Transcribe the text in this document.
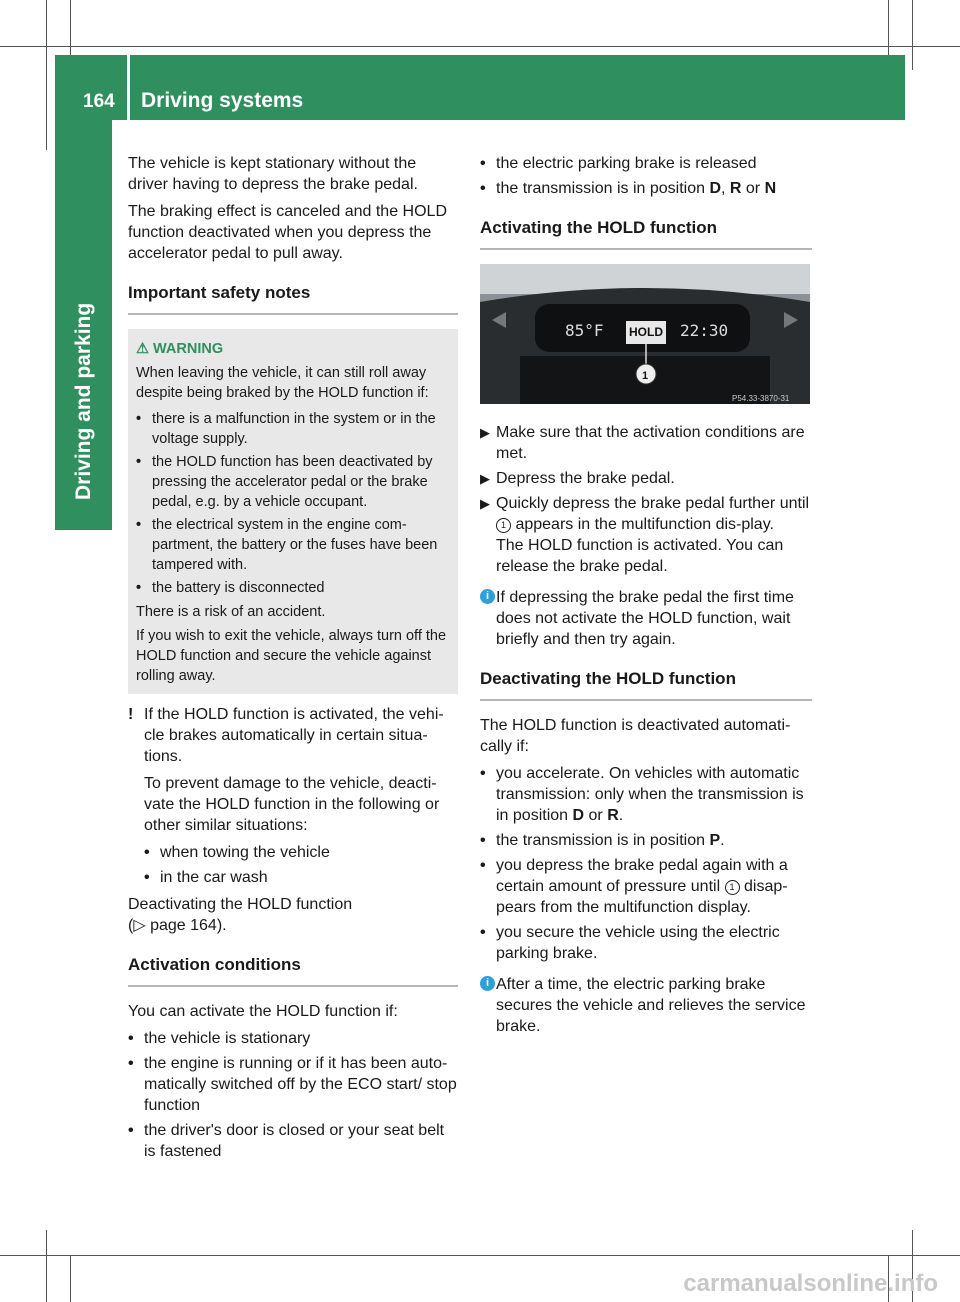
164 Driving systems
Driving and parking

The vehicle is kept stationary without the driver having to depress the brake pedal.

The braking effect is canceled and the HOLD function deactivated when you depress the accelerator pedal to pull away.

Important safety notes
⚠ WARNING

When leaving the vehicle, it can still roll away despite being braked by the HOLD function if:

• there is a malfunction in the system or in the voltage supply.
• the HOLD function has been deactivated by pressing the accelerator pedal or the brake pedal, e.g. by a vehicle occupant.
• the electrical system in the engine com-partment, the battery or the fuses have been tampered with.
• the battery is disconnected

There is a risk of an accident.

If you wish to exit the vehicle, always turn off the HOLD function and secure the vehicle against rolling away.

! If the HOLD function is activated, the vehi-cle brakes automatically in certain situa-tions.

To prevent damage to the vehicle, deacti-vate the HOLD function in the following or other similar situations:

• when towing the vehicle
• in the car wash

Deactivating the HOLD function
(▷ page 164).

Activation conditions

You can activate the HOLD function if:

• the vehicle is stationary
• the engine is running or if it has been auto-matically switched off by the ECO start/ stop function
• the driver's door is closed or your seat belt is fastened
• the electric parking brake is released
• the transmission is in position D, R or N
Activating the HOLD function
85°F HOLD 22:30
1
P54.33-3870-31
▶ Make sure that the activation conditions are met.
▶ Depress the brake pedal.
▶ Quickly depress the brake pedal further until 1 appears in the multifunction dis-play.
The HOLD function is activated. You can release the brake pedal.
i If depressing the brake pedal the first time does not activate the HOLD function, wait briefly and then try again.
Deactivating the HOLD function

The HOLD function is deactivated automati-cally if:

• you accelerate. On vehicles with automatic transmission: only when the transmission is in position D or R.
• the transmission is in position P.
• you depress the brake pedal again with a certain amount of pressure until 1 disap-pears from the multifunction display.
• you secure the vehicle using the electric parking brake.
i After a time, the electric parking brake secures the vehicle and relieves the service brake.
carmanualsonline.info
